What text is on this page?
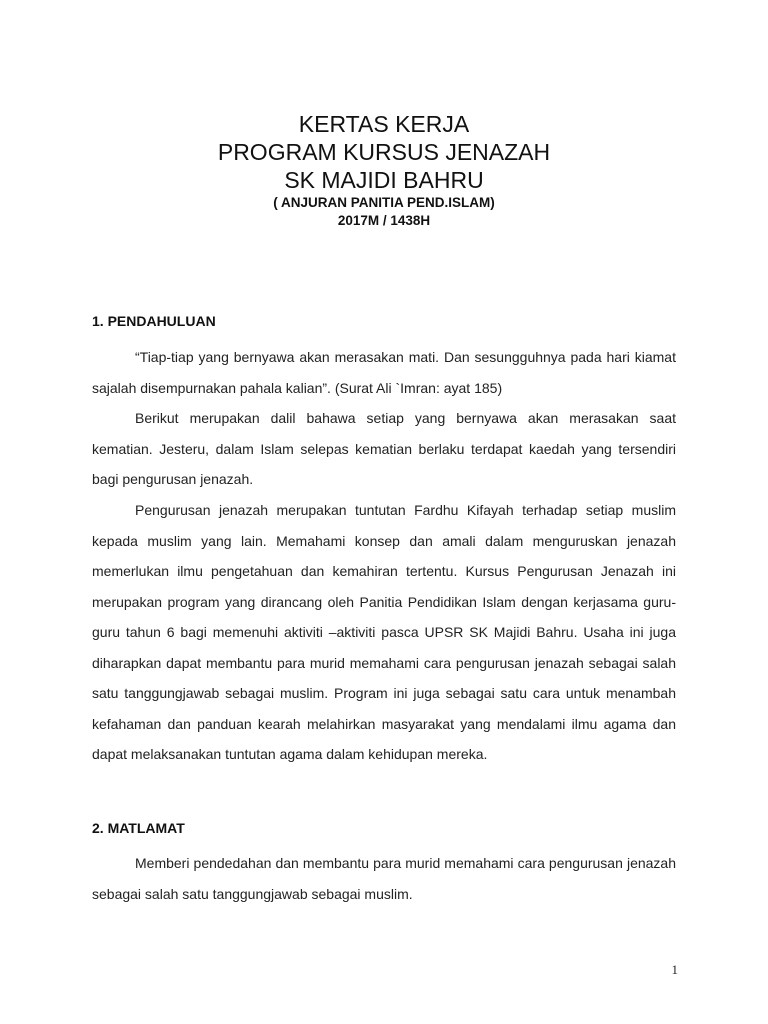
KERTAS KERJA

PROGRAM KURSUS JENAZAH

SK MAJIDI BAHRU

( ANJURAN PANITIA PEND.ISLAM)

2017M / 1438H

1. PENDAHULUAN

“Tiap-tiap yang bernyawa akan merasakan mati. Dan sesungguhnya pada hari kiamat sajalah disempurnakan pahala kalian”. (Surat Ali `Imran: ayat 185)

Berikut merupakan dalil bahawa setiap yang bernyawa akan merasakan saat kematian. Jesteru, dalam Islam selepas kematian berlaku terdapat kaedah yang tersendiri bagi pengurusan jenazah.

Pengurusan jenazah merupakan tuntutan Fardhu Kifayah terhadap setiap muslim kepada muslim yang lain. Memahami konsep dan amali dalam menguruskan jenazah memerlukan ilmu pengetahuan dan kemahiran tertentu. Kursus Pengurusan Jenazah ini merupakan program yang dirancang oleh Panitia Pendidikan Islam dengan kerjasama guru-guru tahun 6 bagi memenuhi aktiviti –aktiviti pasca UPSR SK Majidi Bahru. Usaha ini juga diharapkan dapat membantu para murid memahami cara pengurusan jenazah sebagai salah satu tanggungjawab sebagai muslim. Program ini juga sebagai satu cara untuk menambah kefahaman dan panduan kearah melahirkan masyarakat yang mendalami ilmu agama dan dapat melaksanakan tuntutan agama dalam kehidupan mereka.

2. MATLAMAT

Memberi pendedahan dan membantu para murid memahami cara pengurusan jenazah sebagai salah satu tanggungjawab sebagai muslim.

1
